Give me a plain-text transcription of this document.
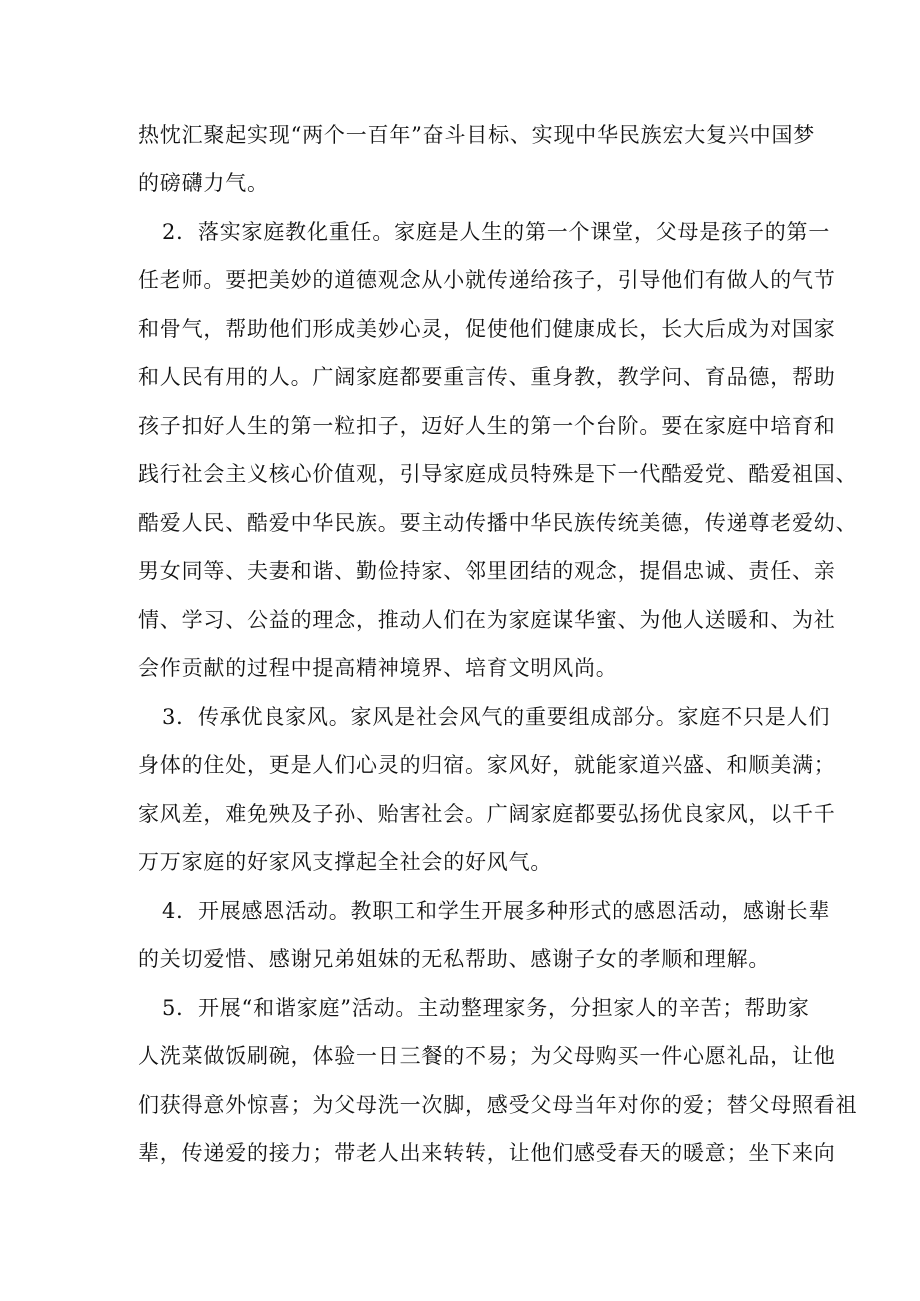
热忱汇聚起实现“两个一百年”奋斗目标、实现中华民族宏大复兴中国梦
的磅礴力气。
2．落实家庭教化重任。家庭是人生的第一个课堂，父母是孩子的第一
任老师。要把美妙的道德观念从小就传递给孩子，引导他们有做人的气节
和骨气，帮助他们形成美妙心灵，促使他们健康成长，长大后成为对国家
和人民有用的人。广阔家庭都要重言传、重身教，教学问、育品德，帮助
孩子扣好人生的第一粒扣子，迈好人生的第一个台阶。要在家庭中培育和
践行社会主义核心价值观，引导家庭成员特殊是下一代酷爱党、酷爱祖国、
酷爱人民、酷爱中华民族。要主动传播中华民族传统美德，传递尊老爱幼、
男女同等、夫妻和谐、勤俭持家、邻里团结的观念，提倡忠诚、责任、亲
情、学习、公益的理念，推动人们在为家庭谋华蜜、为他人送暖和、为社
会作贡献的过程中提高精神境界、培育文明风尚。
3．传承优良家风。家风是社会风气的重要组成部分。家庭不只是人们
身体的住处，更是人们心灵的归宿。家风好，就能家道兴盛、和顺美满；
家风差，难免殃及子孙、贻害社会。广阔家庭都要弘扬优良家风，以千千
万万家庭的好家风支撑起全社会的好风气。
4．开展感恩活动。教职工和学生开展多种形式的感恩活动，感谢长辈
的关切爱惜、感谢兄弟姐妹的无私帮助、感谢子女的孝顺和理解。
5．开展“和谐家庭”活动。主动整理家务，分担家人的辛苦；帮助家
人洗菜做饭刷碗，体验一日三餐的不易；为父母购买一件心愿礼品，让他
们获得意外惊喜；为父母洗一次脚，感受父母当年对你的爱；替父母照看祖
辈，传递爱的接力；带老人出来转转，让他们感受春天的暖意；坐下来向
